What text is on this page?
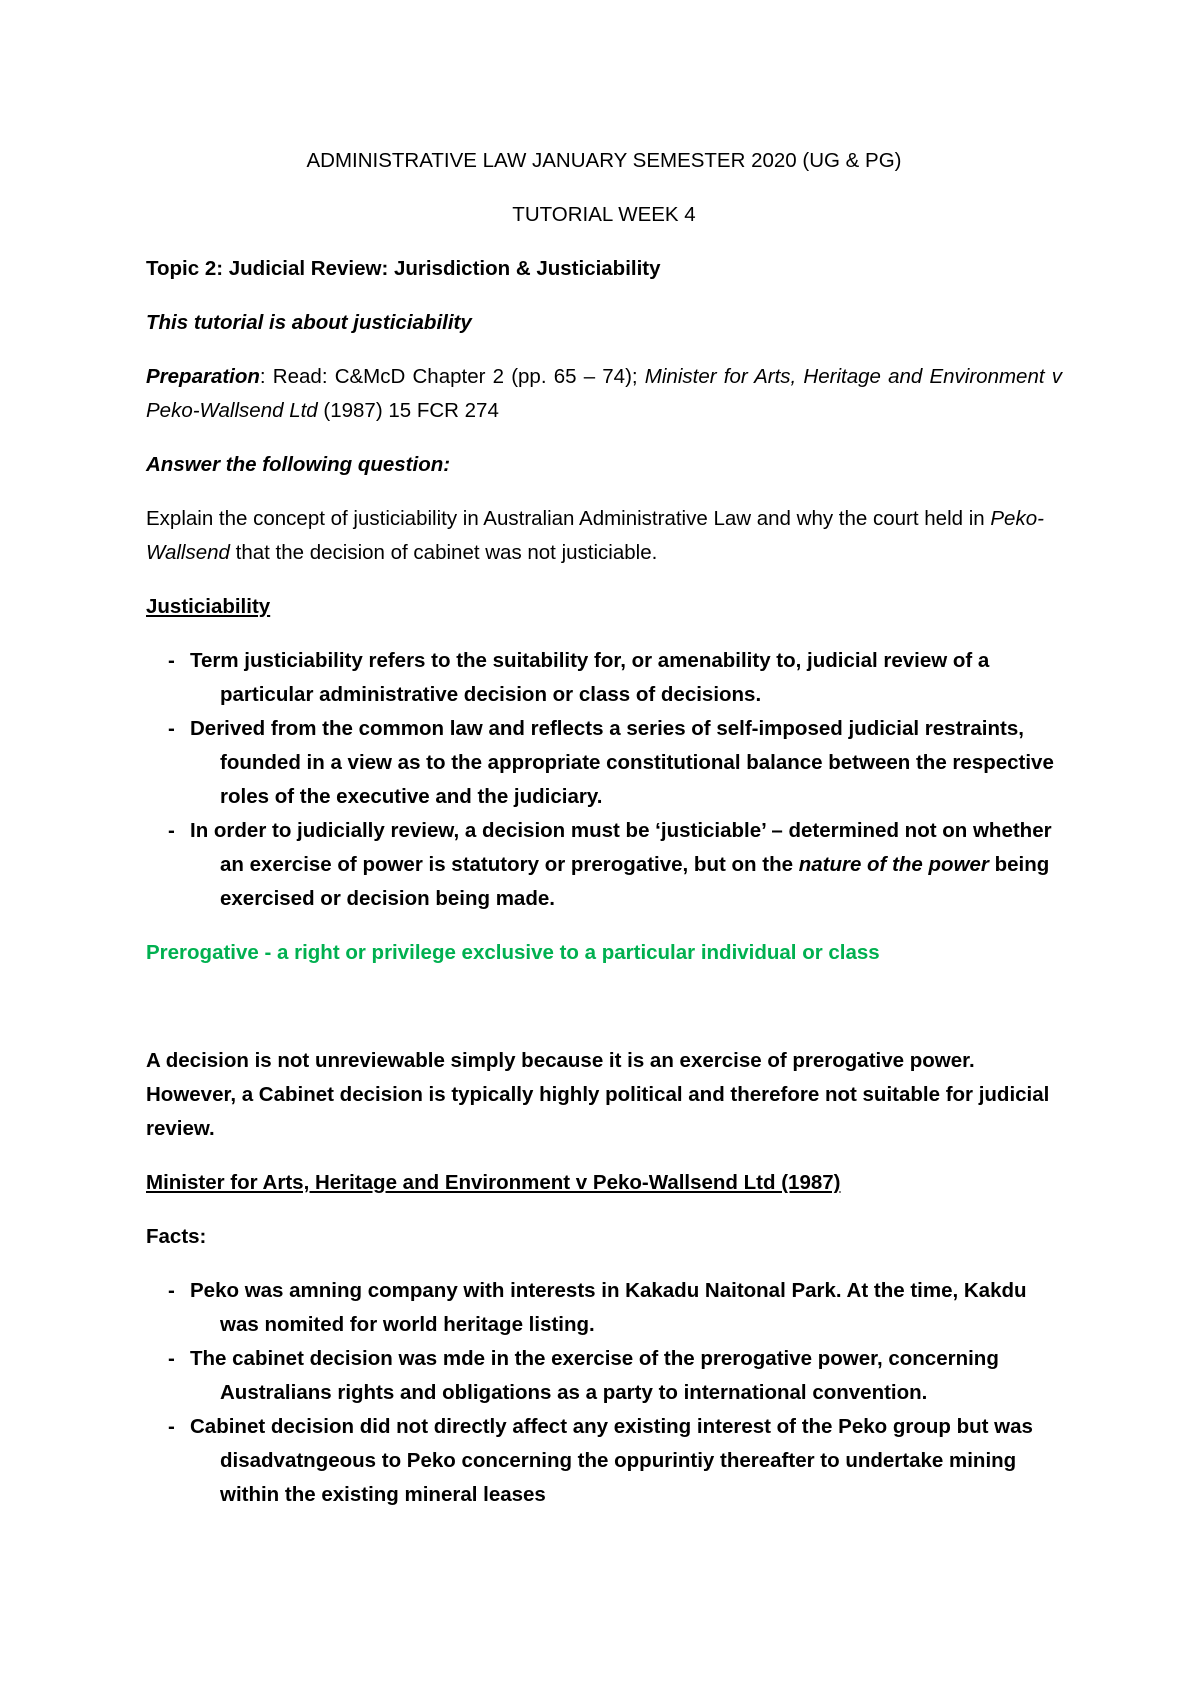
ADMINISTRATIVE LAW JANUARY SEMESTER 2020 (UG & PG)

TUTORIAL WEEK 4

Topic 2: Judicial Review: Jurisdiction & Justiciability

This tutorial is about justiciability

Preparation: Read: C&McD Chapter 2 (pp. 65 – 74); Minister for Arts, Heritage and Environment v Peko-Wallsend Ltd (1987) 15 FCR 274

Answer the following question:

Explain the concept of justiciability in Australian Administrative Law and why the court held in Peko-Wallsend that the decision of cabinet was not justiciable.

Justiciability

- Term justiciability refers to the suitability for, or amenability to, judicial review of a particular administrative decision or class of decisions.
- Derived from the common law and reflects a series of self-imposed judicial restraints, founded in a view as to the appropriate constitutional balance between the respective roles of the executive and the judiciary.
- In order to judicially review, a decision must be ‘justiciable’ – determined not on whether an exercise of power is statutory or prerogative, but on the nature of the power being exercised or decision being made.

Prerogative - a right or privilege exclusive to a particular individual or class

A decision is not unreviewable simply because it is an exercise of prerogative power. However, a Cabinet decision is typically highly political and therefore not suitable for judicial review.

Minister for Arts, Heritage and Environment v Peko-Wallsend Ltd (1987)

Facts:

- Peko was amning company with interests in Kakadu Naitonal Park. At the time, Kakdu was nomited for world heritage listing.
- The cabinet decision was mde in the exercise of the prerogative power, concerning Australians rights and obligations as a party to international convention.
- Cabinet decision did not directly affect any existing interest of the Peko group but was disadvatngeous to Peko concerning the oppurintiy thereafter to undertake mining within the existing mineral leases
